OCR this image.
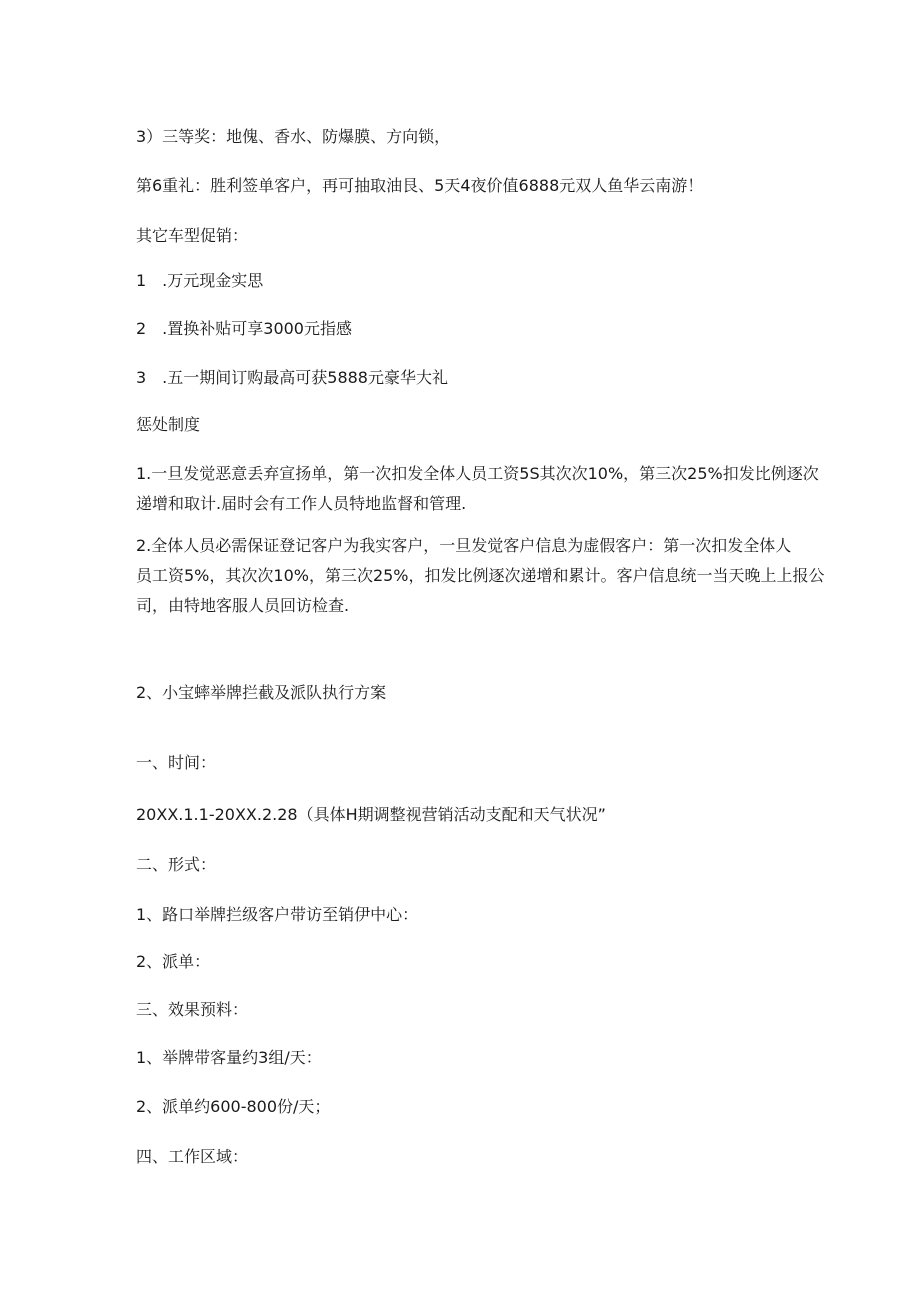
3）三等奖：地傀、香水、防爆膜、方向锁，
第6重礼：胜利签单客户，再可抽取油艮、5天4夜价值6888元双人鱼华云南游！
其它车型促销：
1　.万元现金实思
2　.置换补贴可享3000元指感
3　.五一期间订购最高可获5888元豪华大礼
惩处制度
1.一旦发觉恶意丢弃宣扬单，第一次扣发全体人员工资5S其次次10%，第三次25%扣发比例逐次
递增和取计.届时会有工作人员特地监督和管理.
2.全体人员必需保证登记客户为我实客户，一旦发觉客户信息为虚假客户：第一次扣发全体人
员工资5%，其次次10%，第三次25%，扣发比例逐次递增和累计。客户信息统一当天晚上上报公
司，由特地客服人员回访检查.
2、小宝蟀举牌拦截及派队执行方案
一、时间：
20XX.1.1-20XX.2.28（具体H期调整视营销活动支配和天气状况”
二、形式：
1、路口举牌拦级客户带访至销伊中心：
2、派单：
三、效果预料：
1、举牌带客量约3组/天：
2、派单约600-800份/天；
四、工作区域：
